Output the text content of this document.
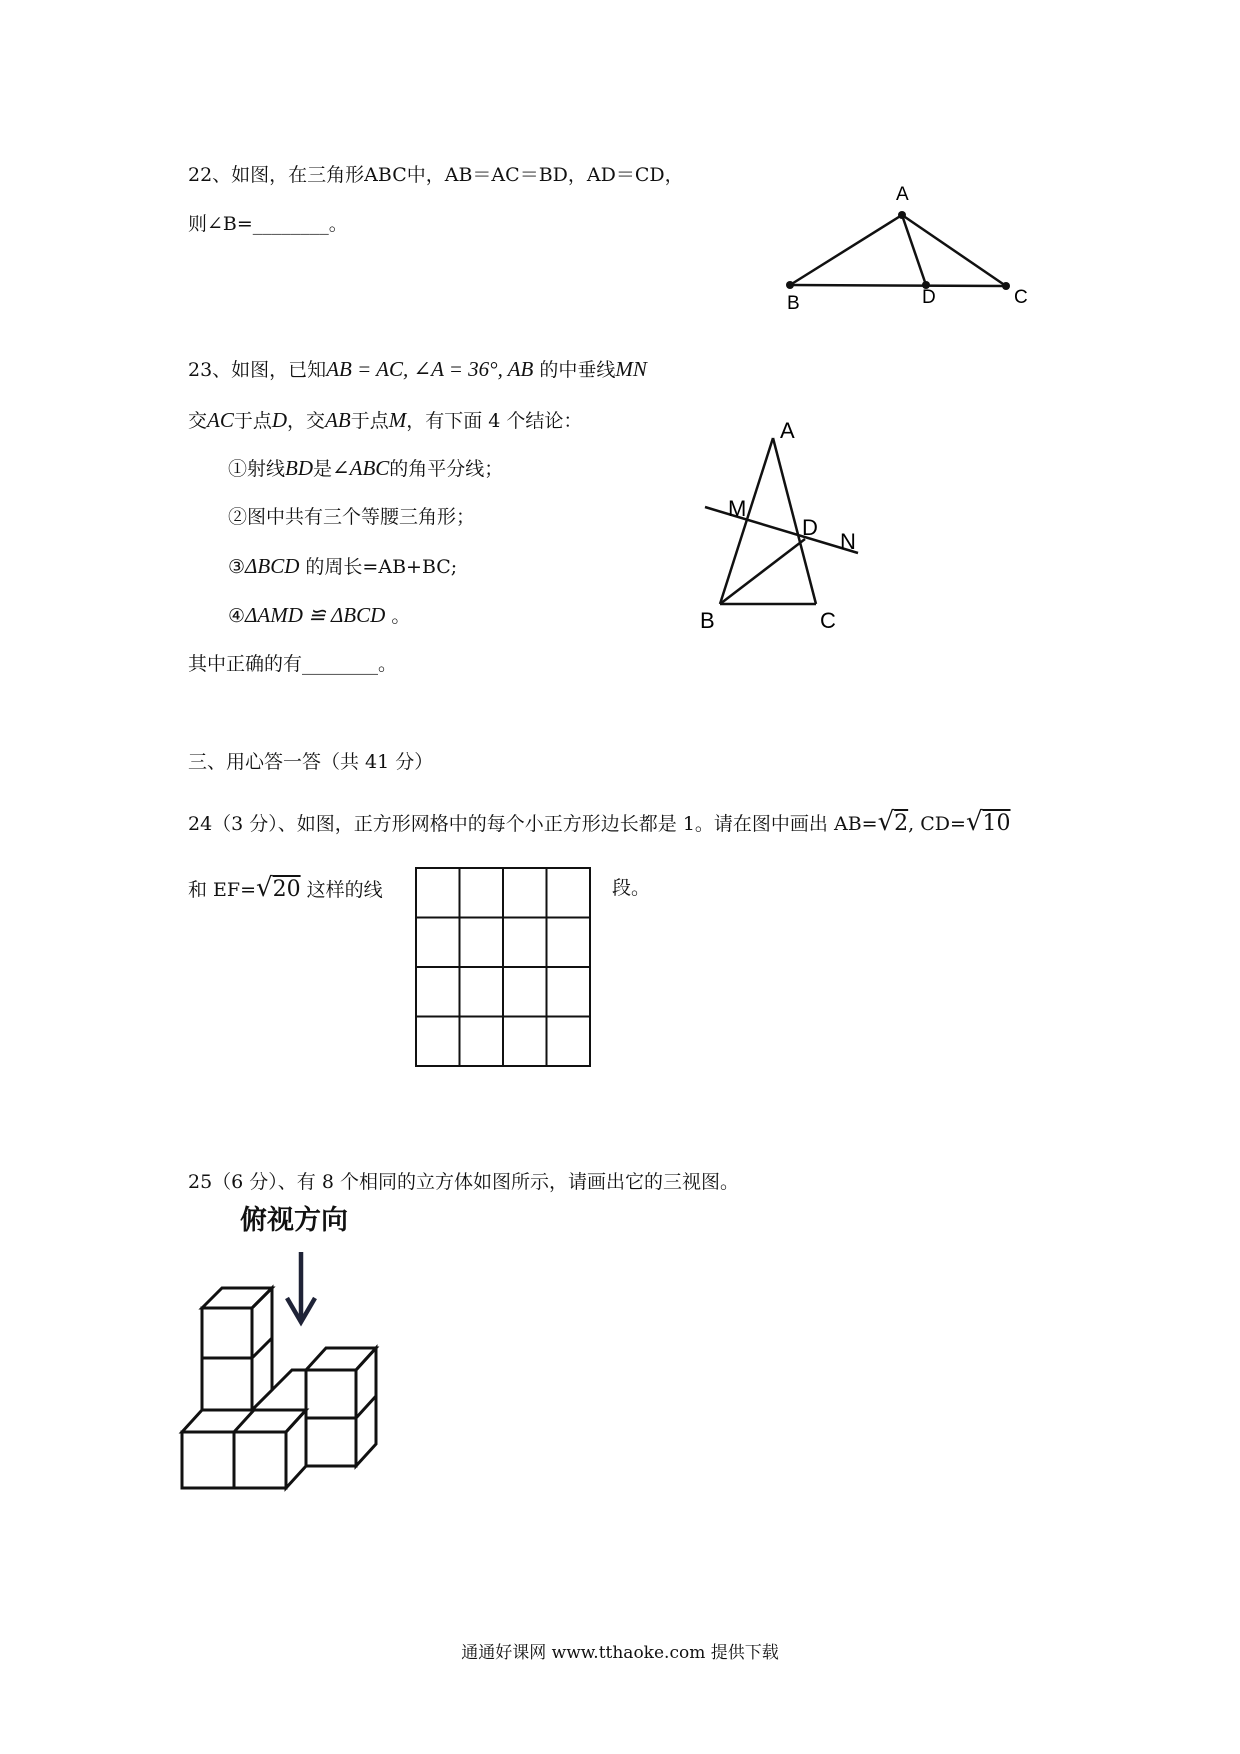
22、如图，在三角形ABC中，AB＝AC＝BD，AD＝CD，
则∠B=________。
A
B	D	C
23、如图，已知AB = AC, ∠A = 36°, AB 的中垂线MN
交AC于点D，交AB于点M，有下面 4 个结论：
①射线BD是∠ABC的角平分线；
②图中共有三个等腰三角形；
③ΔBCD 的周长=AB+BC;
④ΔAMD ≌ ΔBCD 。
其中正确的有________。
A
M
D
N
B	C
三、用心答一答（共 41 分）
24（3 分）、如图，正方形网格中的每个小正方形边长都是 1。请在图中画出 AB=√2, CD=√10
和 EF=√20 这样的线	段。
25（6 分）、有 8 个相同的立方体如图所示，请画出它的三视图。
俯视方向
通通好课网 www.tthaoke.com 提供下载
